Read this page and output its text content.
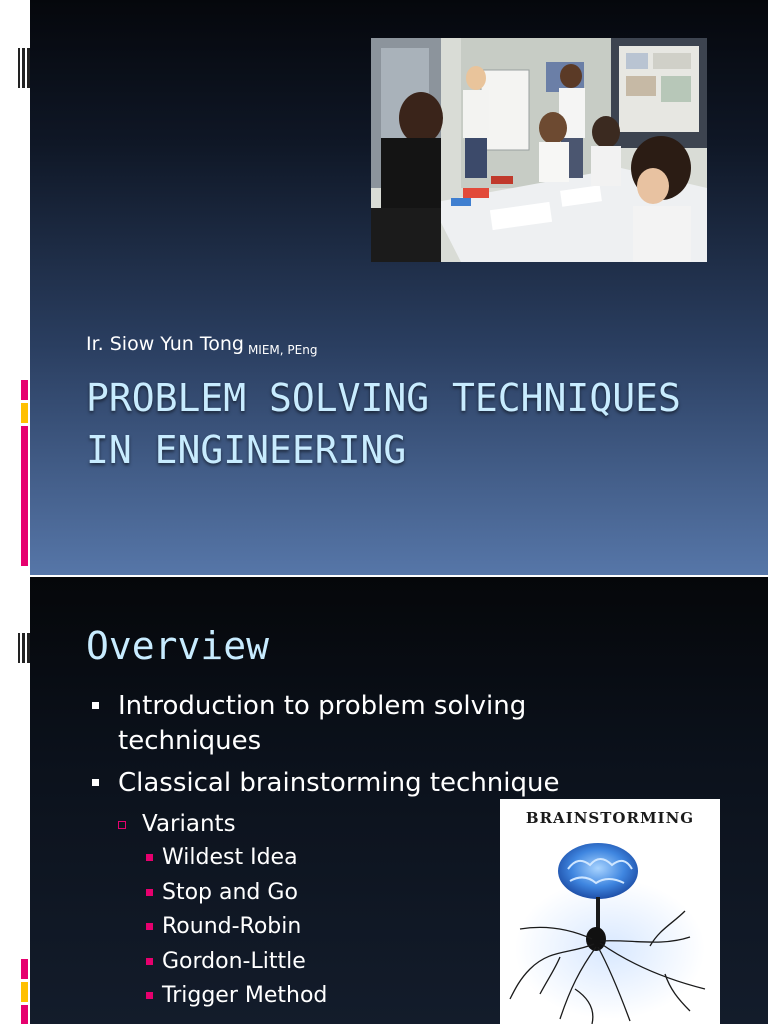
Ir. Siow Yun Tong $_{MIEM, PEng}$
PROBLEM SOLVING TECHNIQUES IN ENGINEERING
Overview
Introduction to problem solving techniques
Classical brainstorming technique
Variants
Wildest Idea
Stop and Go
Round-Robin
Gordon-Little
Trigger Method
BRAINSTORMING
